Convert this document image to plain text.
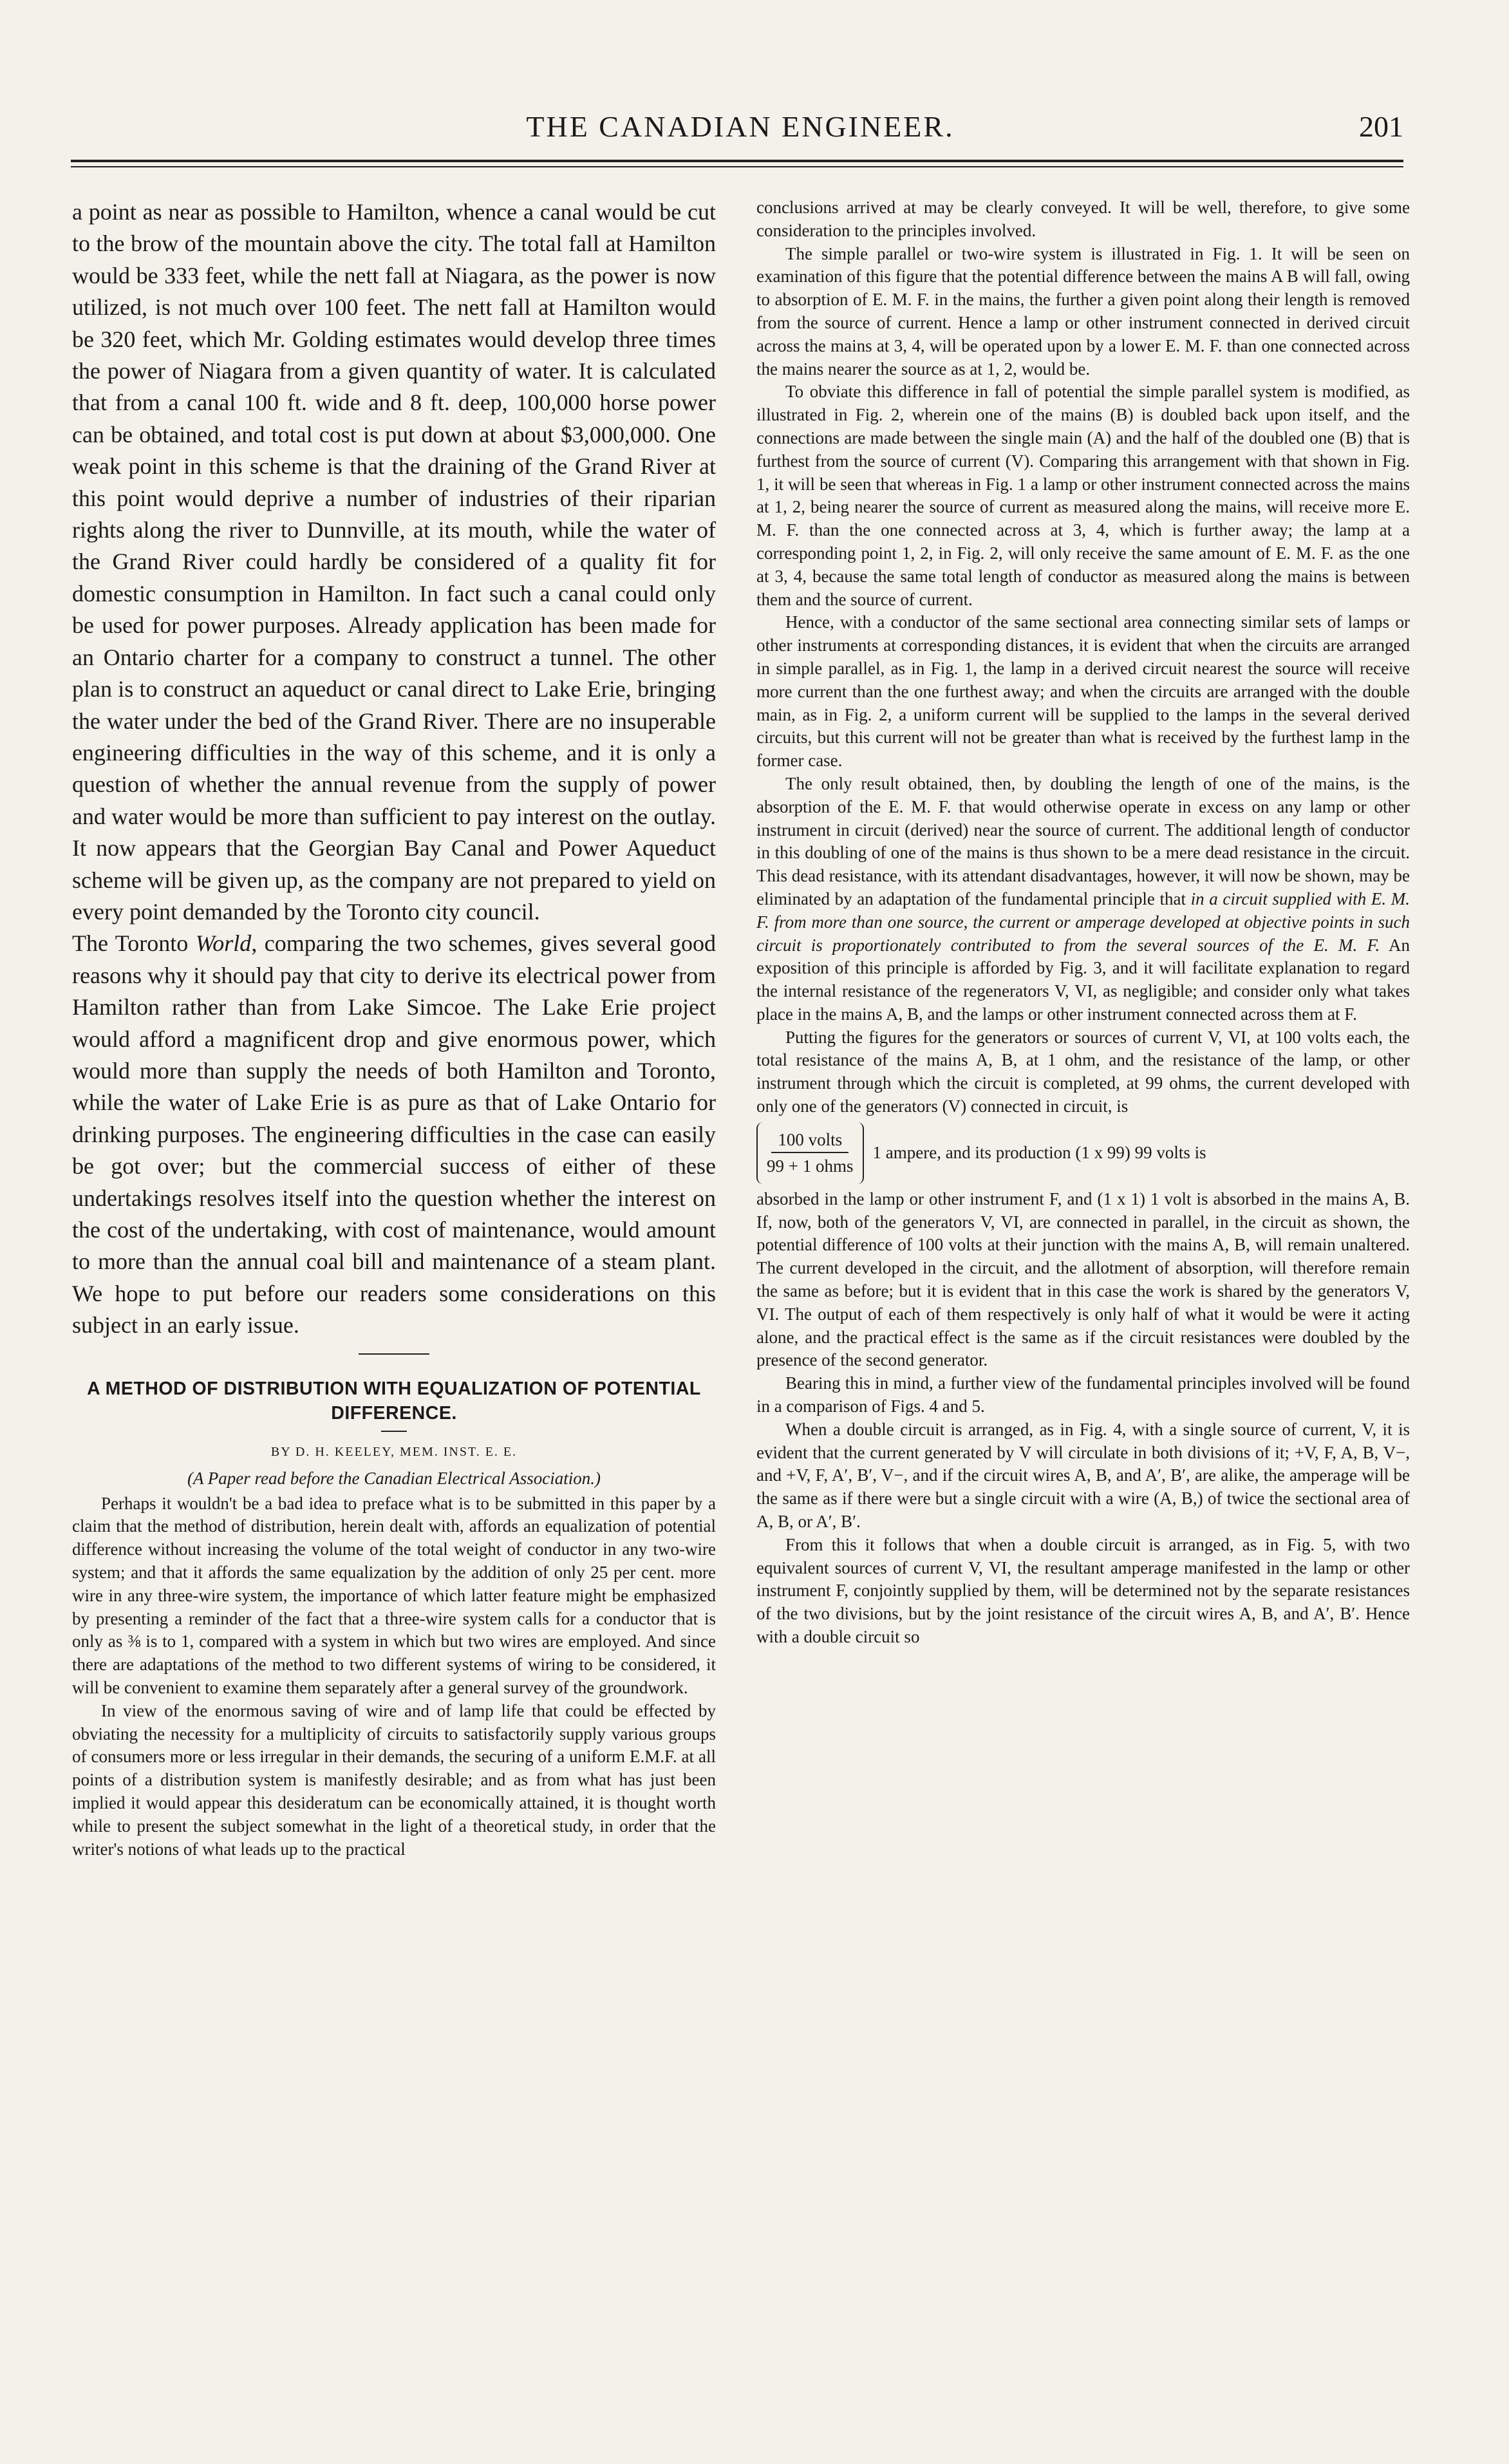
THE CANADIAN ENGINEER.	201

a point as near as possible to Hamilton, whence a canal would be cut to the brow of the mountain above the city. The total fall at Hamilton would be 333 feet, while the nett fall at Niagara, as the power is now utilized, is not much over 100 feet. The nett fall at Hamilton would be 320 feet, which Mr. Golding estimates would develop three times the power of Niagara from a given quantity of water. It is calculated that from a canal 100 ft. wide and 8 ft. deep, 100,000 horse power can be obtained, and total cost is put down at about $3,000,000. One weak point in this scheme is that the draining of the Grand River at this point would deprive a number of industries of their riparian rights along the river to Dunnville, at its mouth, while the water of the Grand River could hardly be considered of a quality fit for domestic consumption in Hamilton. In fact such a canal could only be used for power purposes. Already application has been made for an Ontario charter for a company to construct a tunnel. The other plan is to construct an aqueduct or canal direct to Lake Erie, bringing the water under the bed of the Grand River. There are no insuperable engineering difficulties in the way of this scheme, and it is only a question of whether the annual revenue from the supply of power and water would be more than sufficient to pay interest on the outlay. It now appears that the Georgian Bay Canal and Power Aqueduct scheme will be given up, as the company are not prepared to yield on every point demanded by the Toronto city council.

The Toronto World, comparing the two schemes, gives several good reasons why it should pay that city to derive its electrical power from Hamilton rather than from Lake Simcoe. The Lake Erie project would afford a magnificent drop and give enormous power, which would more than supply the needs of both Hamilton and Toronto, while the water of Lake Erie is as pure as that of Lake Ontario for drinking purposes. The engineering difficulties in the case can easily be got over; but the commercial success of either of these undertakings resolves itself into the question whether the interest on the cost of the undertaking, with cost of maintenance, would amount to more than the annual coal bill and maintenance of a steam plant. We hope to put before our readers some considerations on this subject in an early issue.

A METHOD OF DISTRIBUTION WITH EQUALIZATION OF POTENTIAL DIFFERENCE.

BY D. H. KEELEY, MEM. INST. E. E.

(A Paper read before the Canadian Electrical Association.)

Perhaps it wouldn't be a bad idea to preface what is to be submitted in this paper by a claim that the method of distribution, herein dealt with, affords an equalization of potential difference without increasing the volume of the total weight of conductor in any two-wire system; and that it affords the same equalization by the addition of only 25 per cent. more wire in any three-wire system, the importance of which latter feature might be emphasized by presenting a reminder of the fact that a three-wire system calls for a conductor that is only as ⅜ is to 1, compared with a system in which but two wires are employed. And since there are adaptations of the method to two different systems of wiring to be considered, it will be convenient to examine them separately after a general survey of the groundwork.

In view of the enormous saving of wire and of lamp life that could be effected by obviating the necessity for a multiplicity of circuits to satisfactorily supply various groups of consumers more or less irregular in their demands, the securing of a uniform E.M.F. at all points of a distribution system is manifestly desirable; and as from what has just been implied it would appear this desideratum can be economically attained, it is thought worth while to present the subject somewhat in the light of a theoretical study, in order that the writer's notions of what leads up to the practical

conclusions arrived at may be clearly conveyed. It will be well, therefore, to give some consideration to the principles involved.

The simple parallel or two-wire system is illustrated in Fig. 1. It will be seen on examination of this figure that the potential difference between the mains A B will fall, owing to absorption of E. M. F. in the mains, the further a given point along their length is removed from the source of current. Hence a lamp or other instrument connected in derived circuit across the mains at 3, 4, will be operated upon by a lower E. M. F. than one connected across the mains nearer the source as at 1, 2, would be.

To obviate this difference in fall of potential the simple parallel system is modified, as illustrated in Fig. 2, wherein one of the mains (B) is doubled back upon itself, and the connections are made between the single main (A) and the half of the doubled one (B) that is furthest from the source of current (V). Comparing this arrangement with that shown in Fig. 1, it will be seen that whereas in Fig. 1 a lamp or other instrument connected across the mains at 1, 2, being nearer the source of current as measured along the mains, will receive more E. M. F. than the one connected across at 3, 4, which is further away; the lamp at a corresponding point 1, 2, in Fig. 2, will only receive the same amount of E. M. F. as the one at 3, 4, because the same total length of conductor as measured along the mains is between them and the source of current.

Hence, with a conductor of the same sectional area connecting similar sets of lamps or other instruments at corresponding distances, it is evident that when the circuits are arranged in simple parallel, as in Fig. 1, the lamp in a derived circuit nearest the source will receive more current than the one furthest away; and when the circuits are arranged with the double main, as in Fig. 2, a uniform current will be supplied to the lamps in the several derived circuits, but this current will not be greater than what is received by the furthest lamp in the former case.

The only result obtained, then, by doubling the length of one of the mains, is the absorption of the E. M. F. that would otherwise operate in excess on any lamp or other instrument in circuit (derived) near the source of current. The additional length of conductor in this doubling of one of the mains is thus shown to be a mere dead resistance in the circuit. This dead resistance, with its attendant disadvantages, however, it will now be shown, may be eliminated by an adaptation of the fundamental principle that in a circuit supplied with E. M. F. from more than one source, the current or amperage developed at objective points in such circuit is proportionately contributed to from the several sources of the E. M. F. An exposition of this principle is afforded by Fig. 3, and it will facilitate explanation to regard the internal resistance of the regenerators V, VI, as negligible; and consider only what takes place in the mains A, B, and the lamps or other instrument connected across them at F.

Putting the figures for the generators or sources of current V, VI, at 100 volts each, the total resistance of the mains A, B, at 1 ohm, and the resistance of the lamp, or other instrument through which the circuit is completed, at 99 ohms, the current developed with only one of the generators (V) connected in circuit, is

$\frac{\text{100 volts}}{\text{99 + 1 ohms}} 1$ ampere, and its production (1 x 99) 99 volts is

absorbed in the lamp or other instrument F, and (1 x 1) 1 volt is absorbed in the mains A, B. If, now, both of the generators V, VI, are connected in parallel, in the circuit as shown, the potential difference of 100 volts at their junction with the mains A, B, will remain unaltered. The current developed in the circuit, and the allotment of absorption, will therefore remain the same as before; but it is evident that in this case the work is shared by the generators V, VI. The output of each of them respectively is only half of what it would be were it acting alone, and the practical effect is the same as if the circuit resistances were doubled by the presence of the second generator.

Bearing this in mind, a further view of the fundamental principles involved will be found in a comparison of Figs. 4 and 5.

When a double circuit is arranged, as in Fig. 4, with a single source of current, V, it is evident that the current generated by V will circulate in both divisions of it; +V, F, A, B, V−, and +V, F, A′, B′, V−, and if the circuit wires A, B, and A′, B′, are alike, the amperage will be the same as if there were but a single circuit with a wire (A, B,) of twice the sectional area of A, B, or A′, B′.

From this it follows that when a double circuit is arranged, as in Fig. 5, with two equivalent sources of current V, VI, the resultant amperage manifested in the lamp or other instrument F, conjointly supplied by them, will be determined not by the separate resistances of the two divisions, but by the joint resistance of the circuit wires A, B, and A′, B′. Hence with a double circuit so
